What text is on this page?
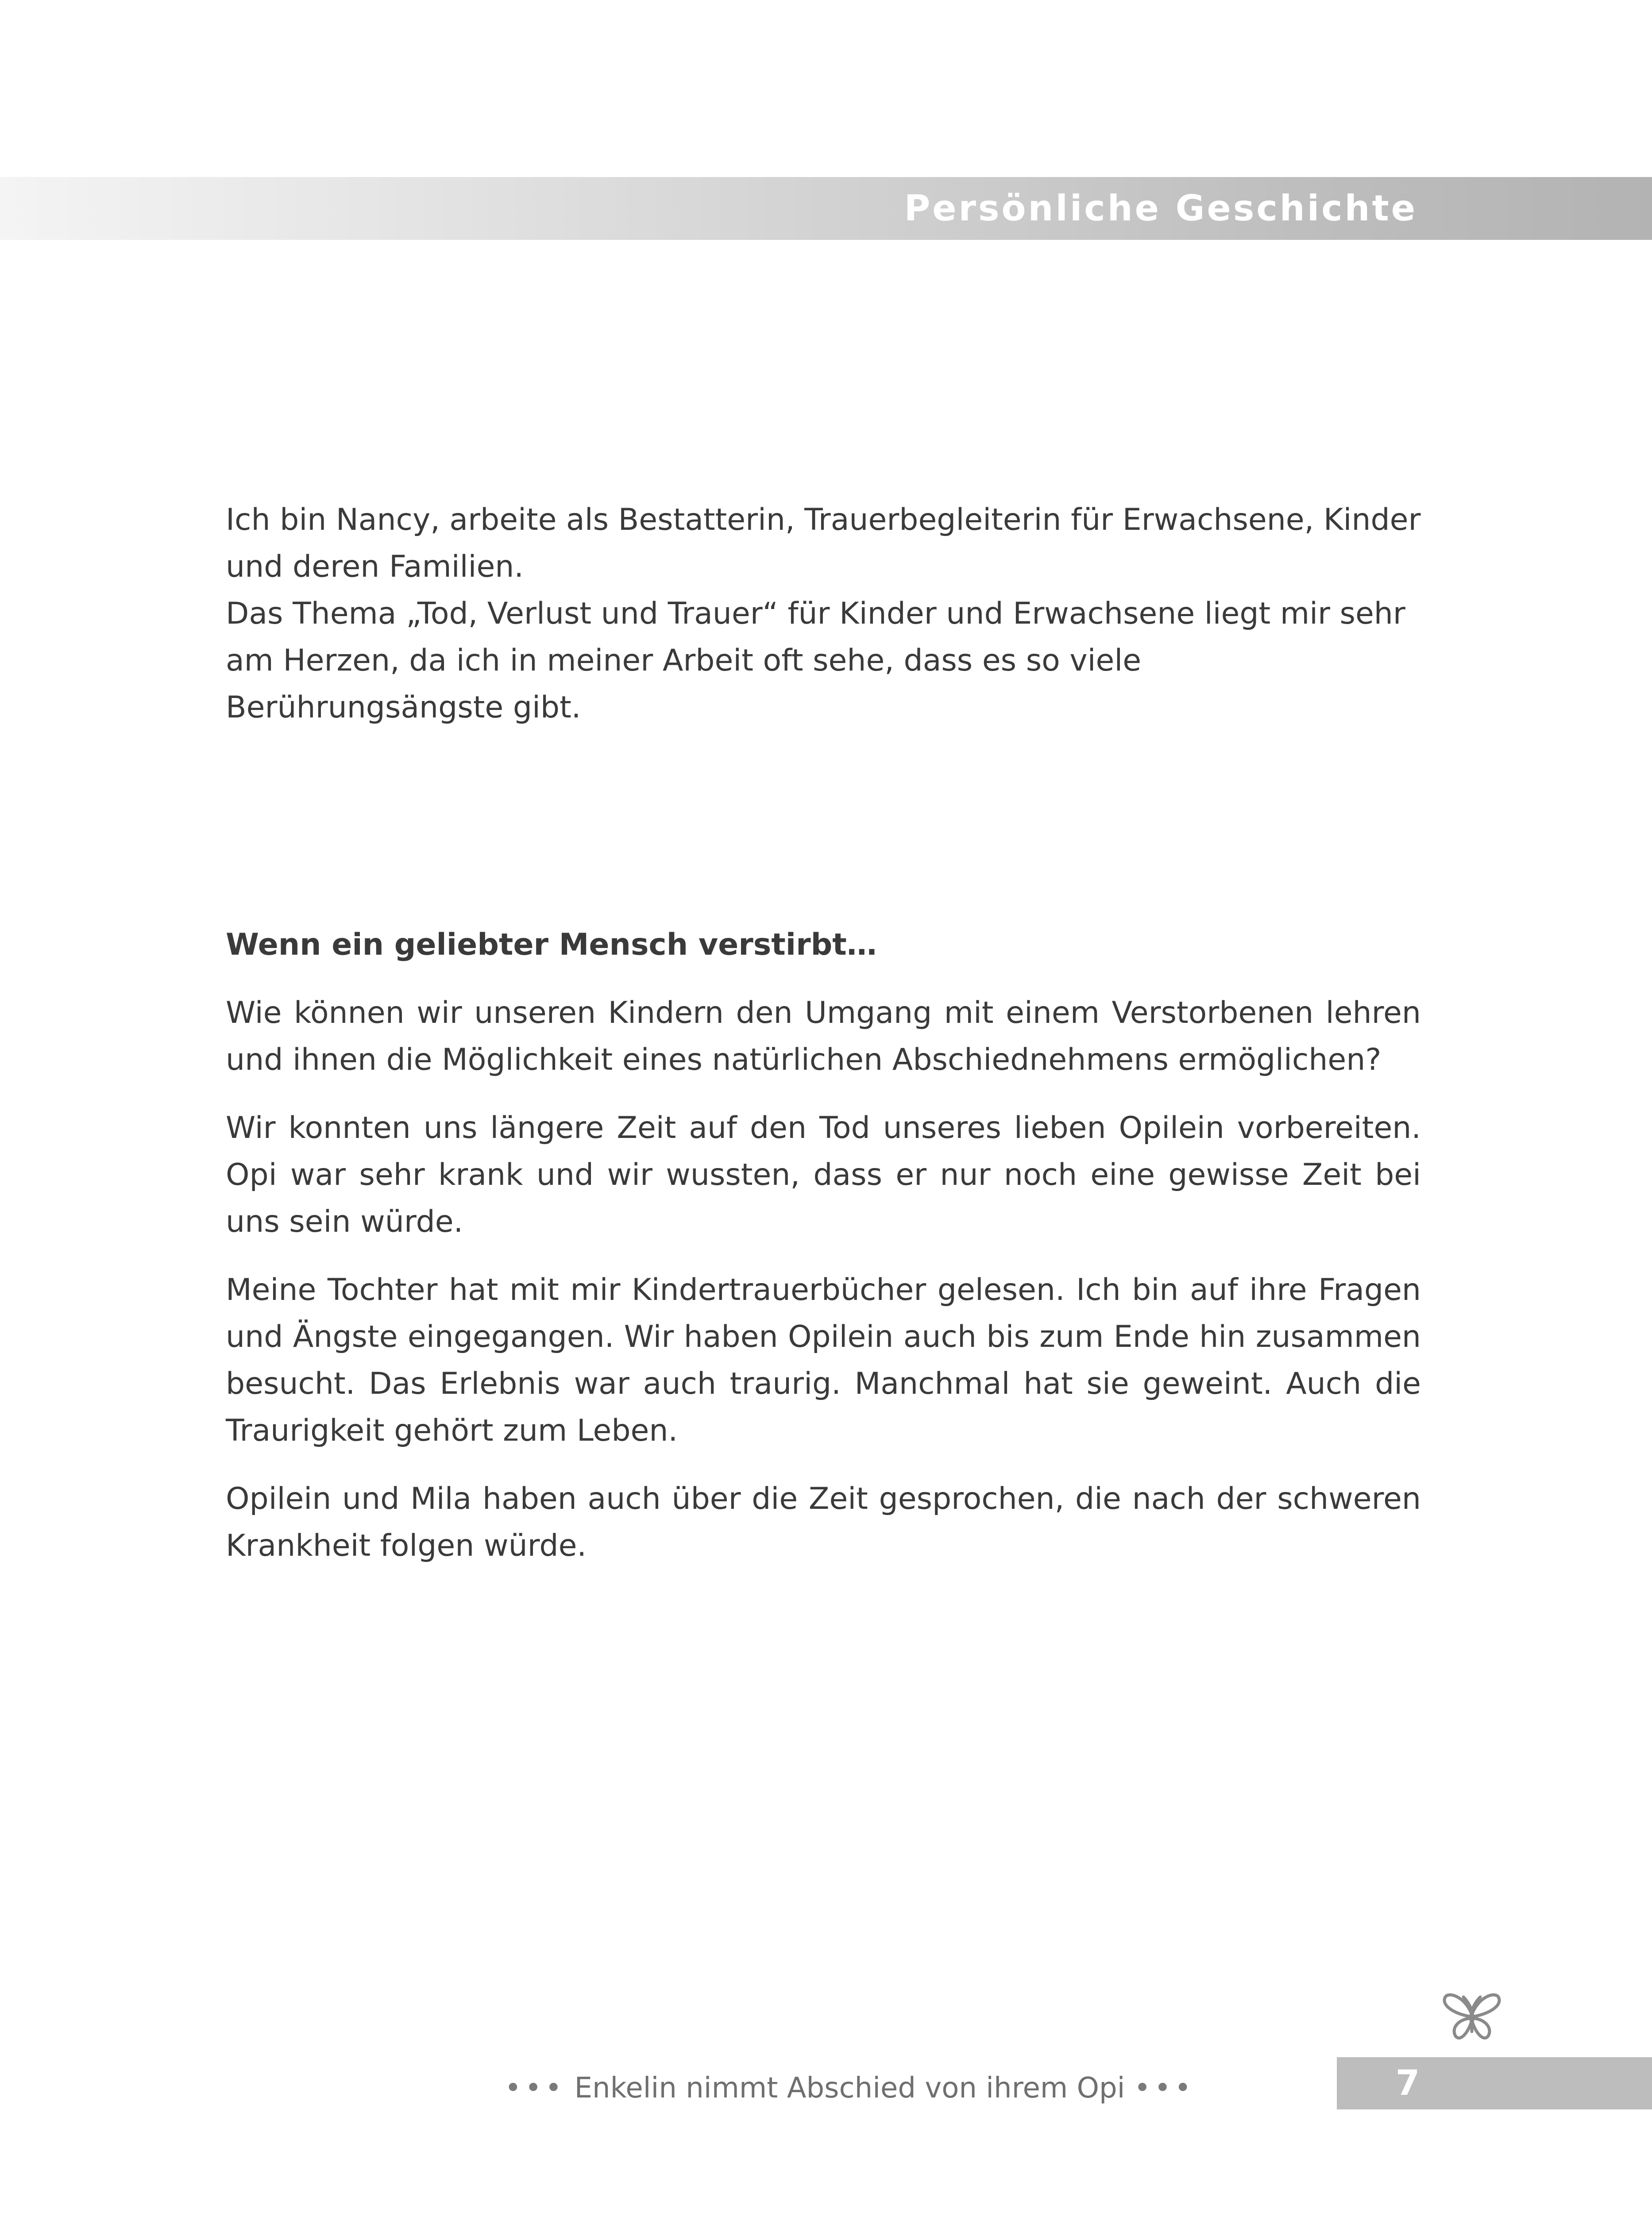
Persönliche Geschichte

Ich bin Nancy, arbeite als Bestatterin, Trauerbegleiterin für Erwachsene, Kinder und deren Familien.

Das Thema „Tod, Verlust und Trauer“ für Kinder und Erwachsene liegt mir sehr am Herzen, da ich in meiner Arbeit oft sehe, dass es so viele Berührungsängste gibt.

Wenn ein geliebter Mensch verstirbt…

Wie können wir unseren Kindern den Umgang mit einem Verstorbenen lehren und ihnen die Möglichkeit eines natürlichen Abschiednehmens ermöglichen?

Wir konnten uns längere Zeit auf den Tod unseres lieben Opilein vorbereiten. Opi war sehr krank und wir wussten, dass er nur noch eine gewisse Zeit bei uns sein würde.

Meine Tochter hat mit mir Kindertrauerbücher gelesen. Ich bin auf ihre Fragen und Ängste eingegangen. Wir haben Opilein auch bis zum Ende hin zusammen besucht. Das Erlebnis war auch traurig. Manchmal hat sie geweint. Auch die Traurigkeit gehört zum Leben.

Opilein und Mila haben auch über die Zeit gesprochen, die nach der schweren Krankheit folgen würde.

••• Enkelin nimmt Abschied von ihrem Opi •••	7
